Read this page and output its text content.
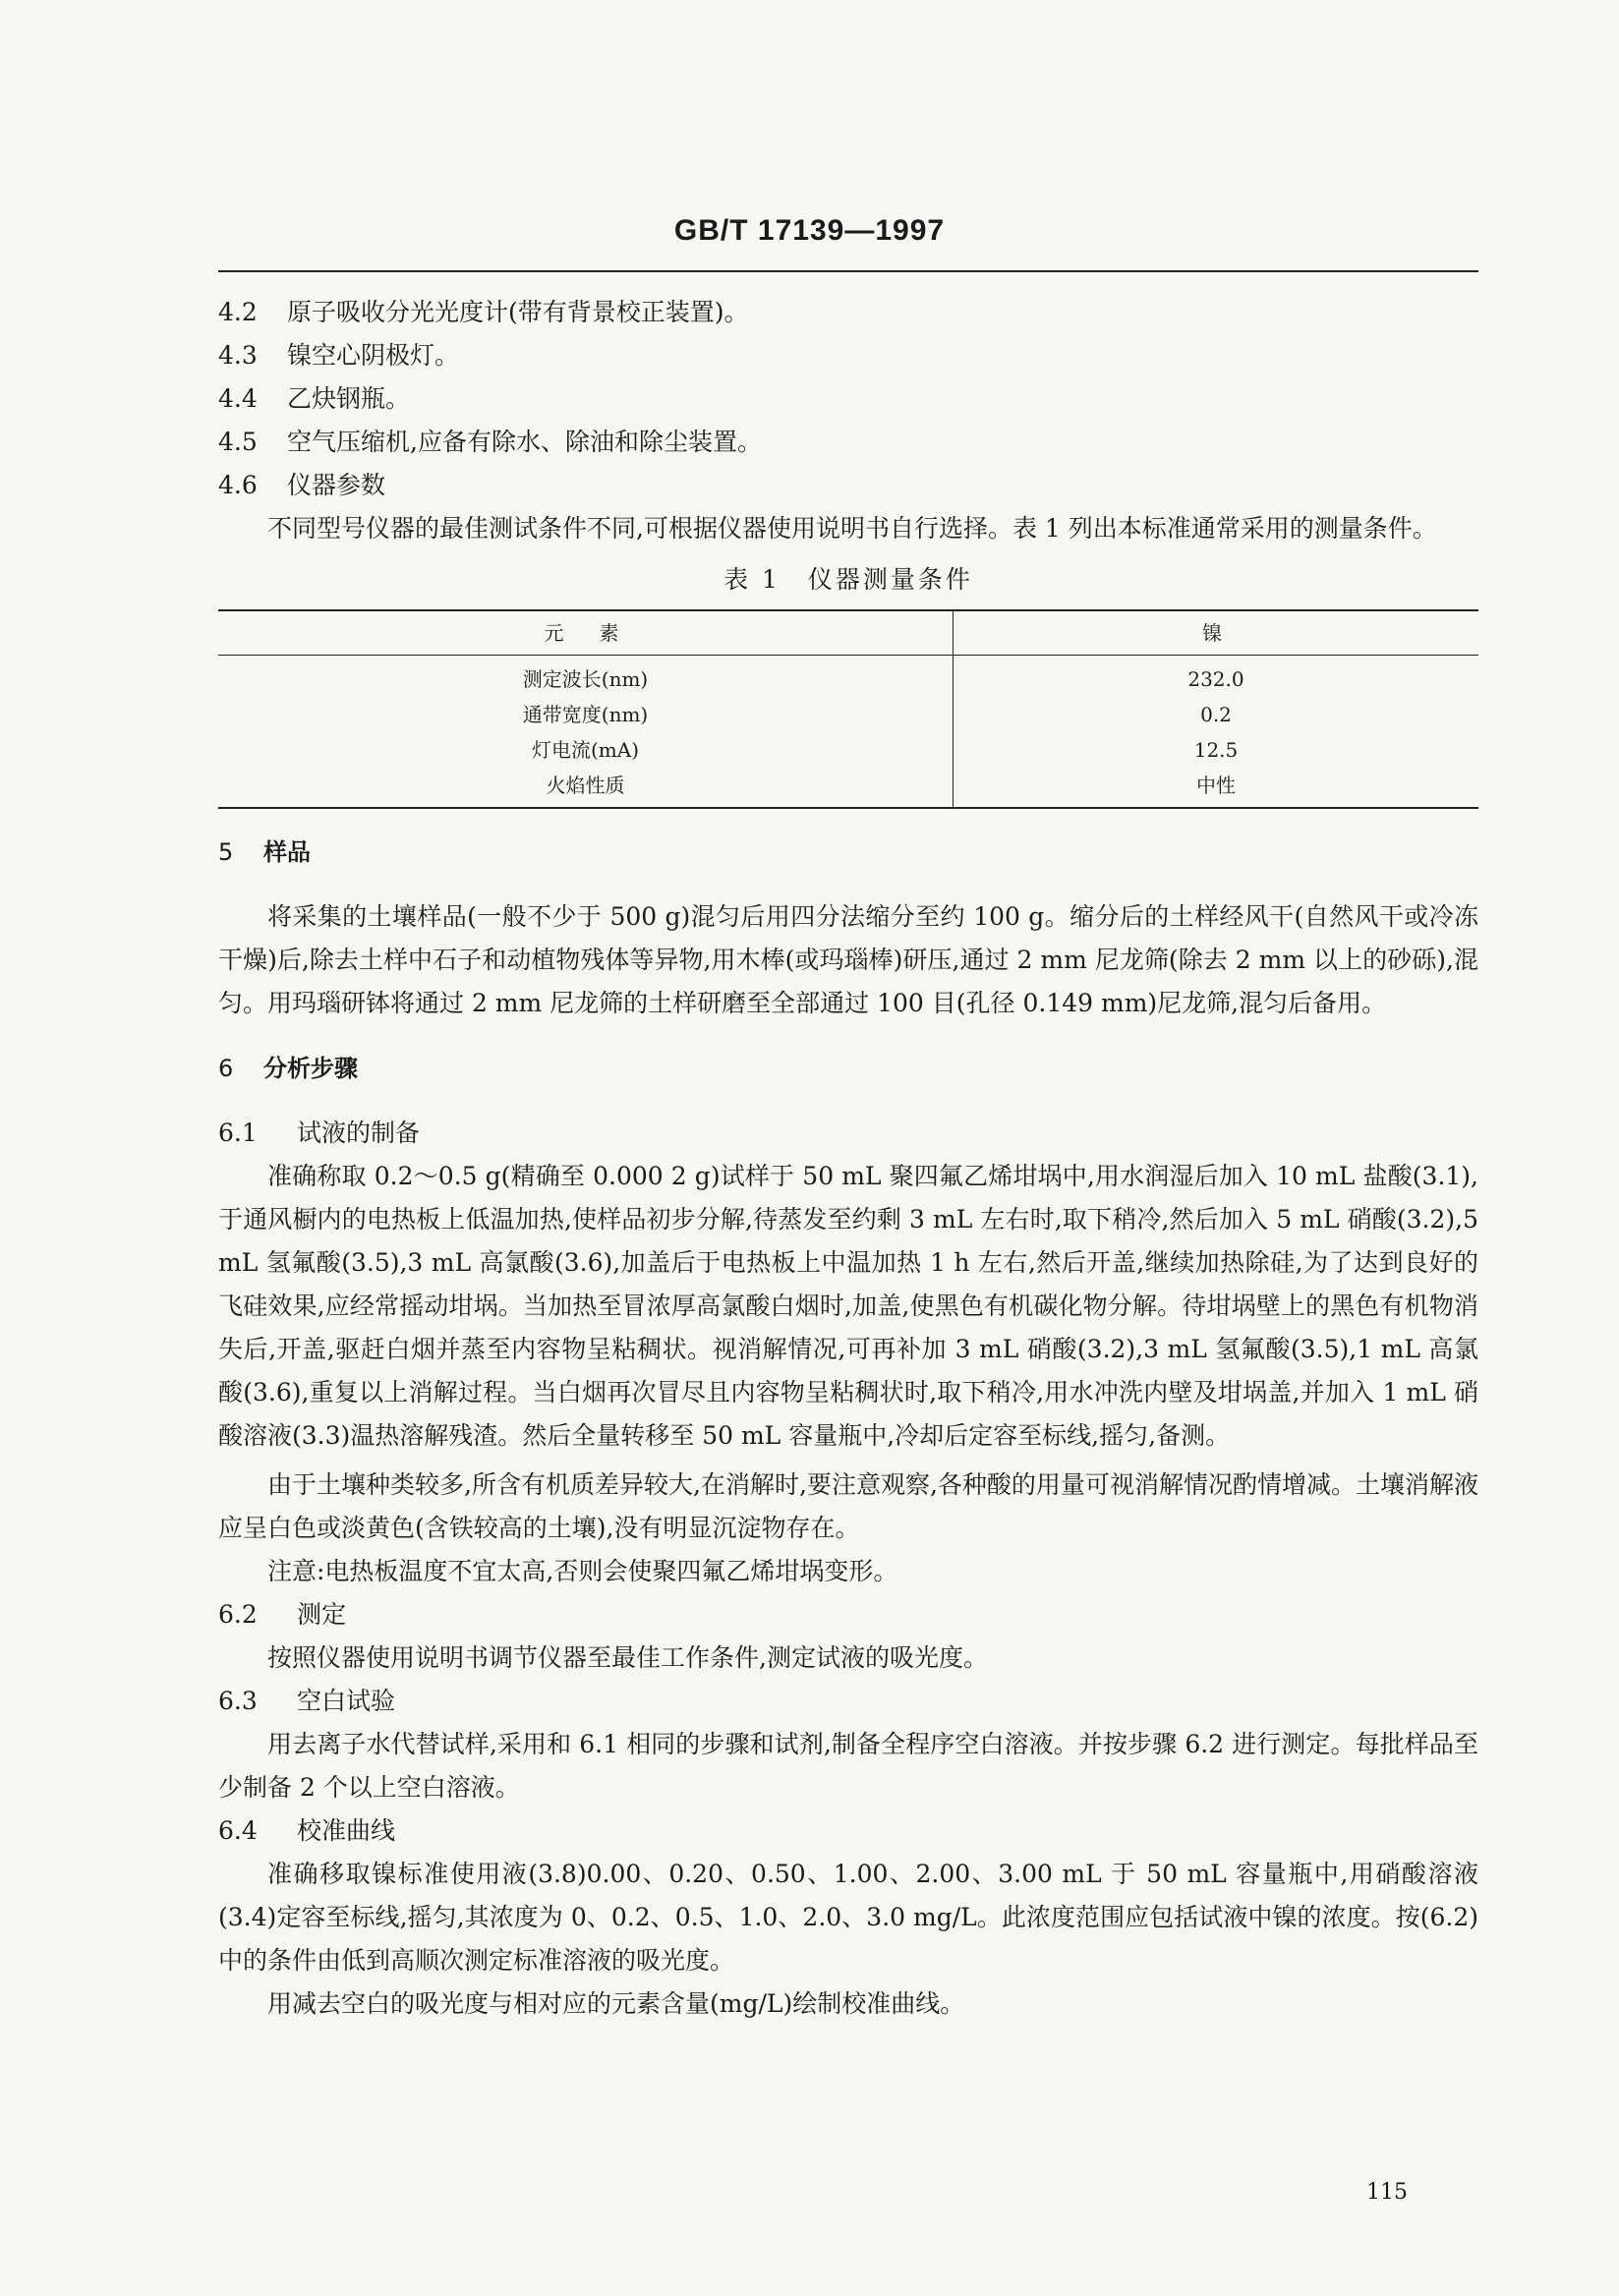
GB/T 17139—1997

4.2 原子吸收分光光度计(带有背景校正装置)。

4.3 镍空心阴极灯。

4.4 乙炔钢瓶。

4.5 空气压缩机,应备有除水、除油和除尘装置。

4.6 仪器参数

不同型号仪器的最佳测试条件不同,可根据仪器使用说明书自行选择。表 1 列出本标准通常采用的测量条件。

表 1　仪器测量条件
元　素	镍
测定波长(nm)	232.0
通带宽度(nm)	0.2
灯电流(mA)	12.5
火焰性质	中性
5 样品

将采集的土壤样品(一般不少于 500 g)混匀后用四分法缩分至约 100 g。缩分后的土样经风干(自然风干或冷冻干燥)后,除去土样中石子和动植物残体等异物,用木棒(或玛瑙棒)研压,通过 2 mm 尼龙筛(除去 2 mm 以上的砂砾),混匀。用玛瑙研钵将通过 2 mm 尼龙筛的土样研磨至全部通过 100 目(孔径 0.149 mm)尼龙筛,混匀后备用。

6 分析步骤

6.1 试液的制备

准确称取 0.2～0.5 g(精确至 0.000 2 g)试样于 50 mL 聚四氟乙烯坩埚中,用水润湿后加入 10 mL 盐酸(3.1),于通风橱内的电热板上低温加热,使样品初步分解,待蒸发至约剩 3 mL 左右时,取下稍冷,然后加入 5 mL 硝酸(3.2),5 mL 氢氟酸(3.5),3 mL 高氯酸(3.6),加盖后于电热板上中温加热 1 h 左右,然后开盖,继续加热除硅,为了达到良好的飞硅效果,应经常摇动坩埚。当加热至冒浓厚高氯酸白烟时,加盖,使黑色有机碳化物分解。待坩埚壁上的黑色有机物消失后,开盖,驱赶白烟并蒸至内容物呈粘稠状。视消解情况,可再补加 3 mL 硝酸(3.2),3 mL 氢氟酸(3.5),1 mL 高氯酸(3.6),重复以上消解过程。当白烟再次冒尽且内容物呈粘稠状时,取下稍冷,用水冲洗内壁及坩埚盖,并加入 1 mL 硝酸溶液(3.3)温热溶解残渣。然后全量转移至 50 mL 容量瓶中,冷却后定容至标线,摇匀,备测。

由于土壤种类较多,所含有机质差异较大,在消解时,要注意观察,各种酸的用量可视消解情况酌情增减。土壤消解液应呈白色或淡黄色(含铁较高的土壤),没有明显沉淀物存在。

注意:电热板温度不宜太高,否则会使聚四氟乙烯坩埚变形。

6.2 测定

按照仪器使用说明书调节仪器至最佳工作条件,测定试液的吸光度。

6.3 空白试验

用去离子水代替试样,采用和 6.1 相同的步骤和试剂,制备全程序空白溶液。并按步骤 6.2 进行测定。每批样品至少制备 2 个以上空白溶液。

6.4 校准曲线

准确移取镍标准使用液(3.8)0.00、0.20、0.50、1.00、2.00、3.00 mL 于 50 mL 容量瓶中,用硝酸溶液(3.4)定容至标线,摇匀,其浓度为 0、0.2、0.5、1.0、2.0、3.0 mg/L。此浓度范围应包括试液中镍的浓度。按(6.2)中的条件由低到高顺次测定标准溶液的吸光度。

用减去空白的吸光度与相对应的元素含量(mg/L)绘制校准曲线。

115
